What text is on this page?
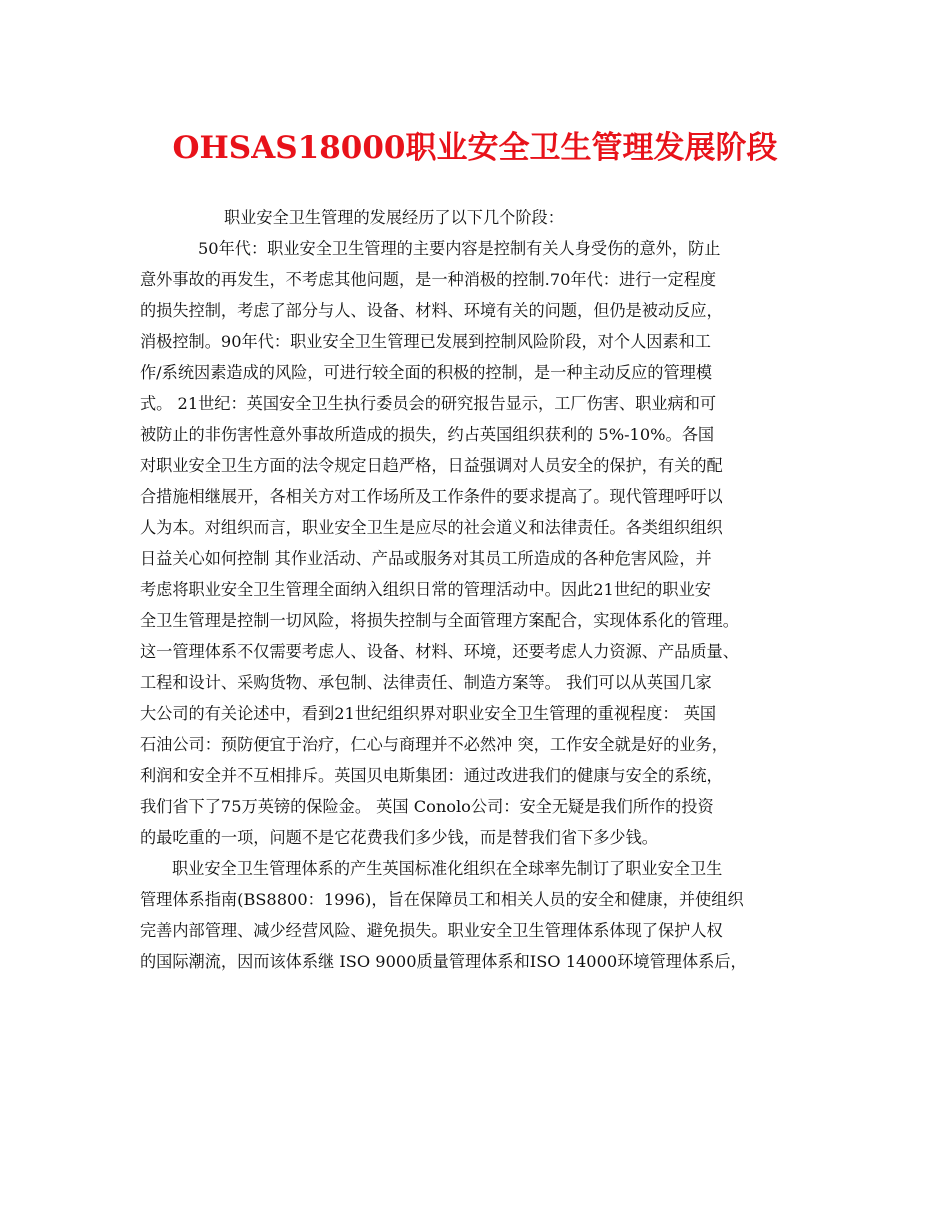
OHSAS18000职业安全卫生管理发展阶段
职业安全卫生管理的发展经历了以下几个阶段：
50年代：职业安全卫生管理的主要内容是控制有关人身受伤的意外，防止
意外事故的再发生，不考虑其他问题，是一种消极的控制.70年代：进行一定程度
的损失控制，考虑了部分与人、设备、材料、环境有关的问题，但仍是被动反应，
消极控制。90年代：职业安全卫生管理已发展到控制风险阶段，对个人因素和工
作/系统因素造成的风险，可进行较全面的积极的控制，是一种主动反应的管理模
式。 21世纪：英国安全卫生执行委员会的研究报告显示，工厂伤害、职业病和可
被防止的非伤害性意外事故所造成的损失，约占英国组织获利的 5%-10%。各国
对职业安全卫生方面的法令规定日趋严格，日益强调对人员安全的保护，有关的配
合措施相继展开，各相关方对工作场所及工作条件的要求提高了。现代管理呼吁以
人为本。对组织而言，职业安全卫生是应尽的社会道义和法律责任。各类组织组织
日益关心如何控制 其作业活动、产品或服务对其员工所造成的各种危害风险，并
考虑将职业安全卫生管理全面纳入组织日常的管理活动中。因此21世纪的职业安
全卫生管理是控制一切风险，将损失控制与全面管理方案配合，实现体系化的管理。
这一管理体系不仅需要考虑人、设备、材料、环境，还要考虑人力资源、产品质量、
工程和设计、采购货物、承包制、法律责任、制造方案等。 我们可以从英国几家
大公司的有关论述中，看到21世纪组织界对职业安全卫生管理的重视程度： 英国
石油公司：预防便宜于治疗，仁心与商理并不必然冲 突，工作安全就是好的业务，
利润和安全并不互相排斥。英国贝电斯集团：通过改进我们的健康与安全的系统，
我们省下了75万英镑的保险金。 英国 Conolo公司：安全无疑是我们所作的投资
的最吃重的一项，问题不是它花费我们多少钱，而是替我们省下多少钱。
职业安全卫生管理体系的产生英国标准化组织在全球率先制订了职业安全卫生
管理体系指南(BS8800：1996)，旨在保障员工和相关人员的安全和健康，并使组织
完善内部管理、减少经营风险、避免损失。职业安全卫生管理体系体现了保护人权
的国际潮流，因而该体系继 ISO 9000质量管理体系和ISO 14000环境管理体系后，
